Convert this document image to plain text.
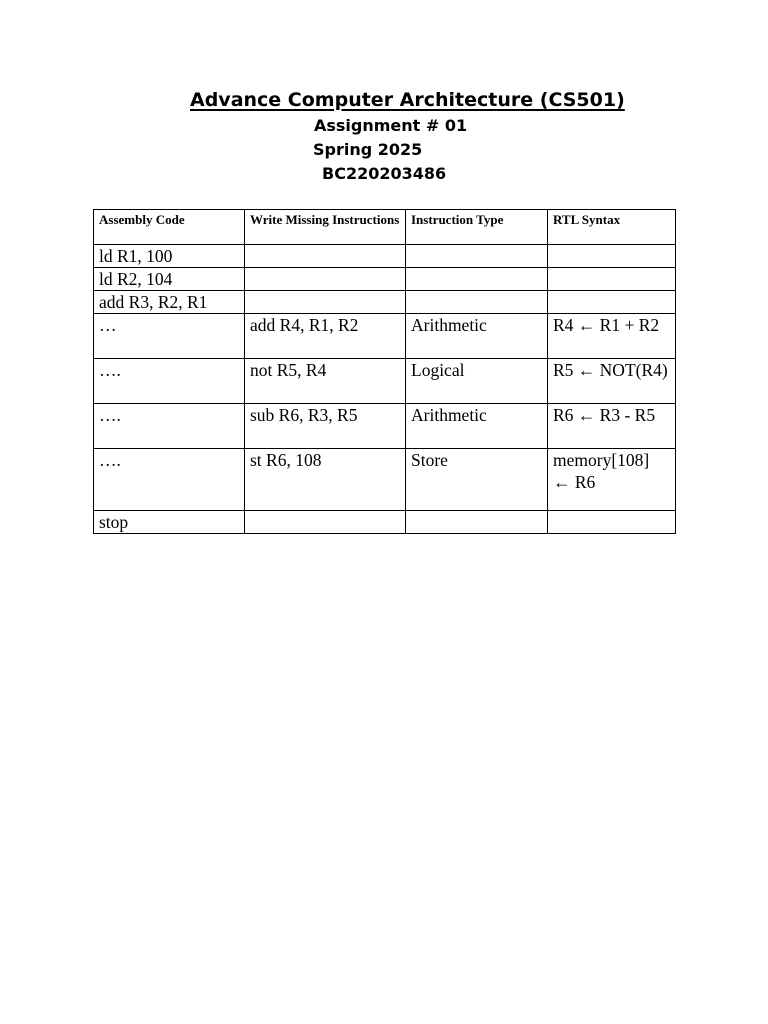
Advance Computer Architecture (CS501)
Assignment # 01
Spring 2025
BC220203486
Assembly Code	Write Missing Instructions	Instruction Type	RTL Syntax
ld R1, 100			
ld R2, 104			
add R3, R2, R1			
…	add R4, R1, R2	Arithmetic	R4 ← R1 + R2
….	not R5, R4	Logical	R5 ← NOT(R4)
….	sub R6, R3, R5	Arithmetic	R6 ← R3 - R5
….	st R6, 108	Store	memory[108] ← R6
stop			
